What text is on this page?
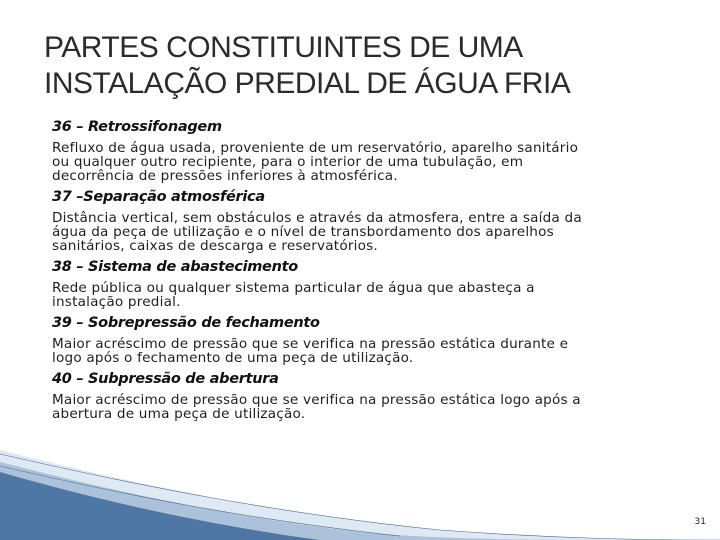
PARTES CONSTITUINTES DE UMA
INSTALAÇÃO PREDIAL DE ÁGUA FRIA
36 – Retrossifonagem
Refluxo de água usada, proveniente de um reservatório, aparelho sanitário
ou qualquer outro recipiente, para o interior de uma tubulação, em
decorrência de pressões inferiores à atmosférica.
37 –Separação atmosférica
Distância vertical, sem obstáculos e através da atmosfera, entre a saída da
água da peça de utilização e o nível de transbordamento dos aparelhos
sanitários, caixas de descarga e reservatórios.
38 – Sistema de abastecimento
Rede pública ou qualquer sistema particular de água que abasteça a
instalação predial.
39 – Sobrepressão de fechamento
Maior acréscimo de pressão que se verifica na pressão estática durante e
logo após o fechamento de uma peça de utilização.
40 – Subpressão de abertura
Maior acréscimo de pressão que se verifica na pressão estática logo após a
abertura de uma peça de utilização.
31
